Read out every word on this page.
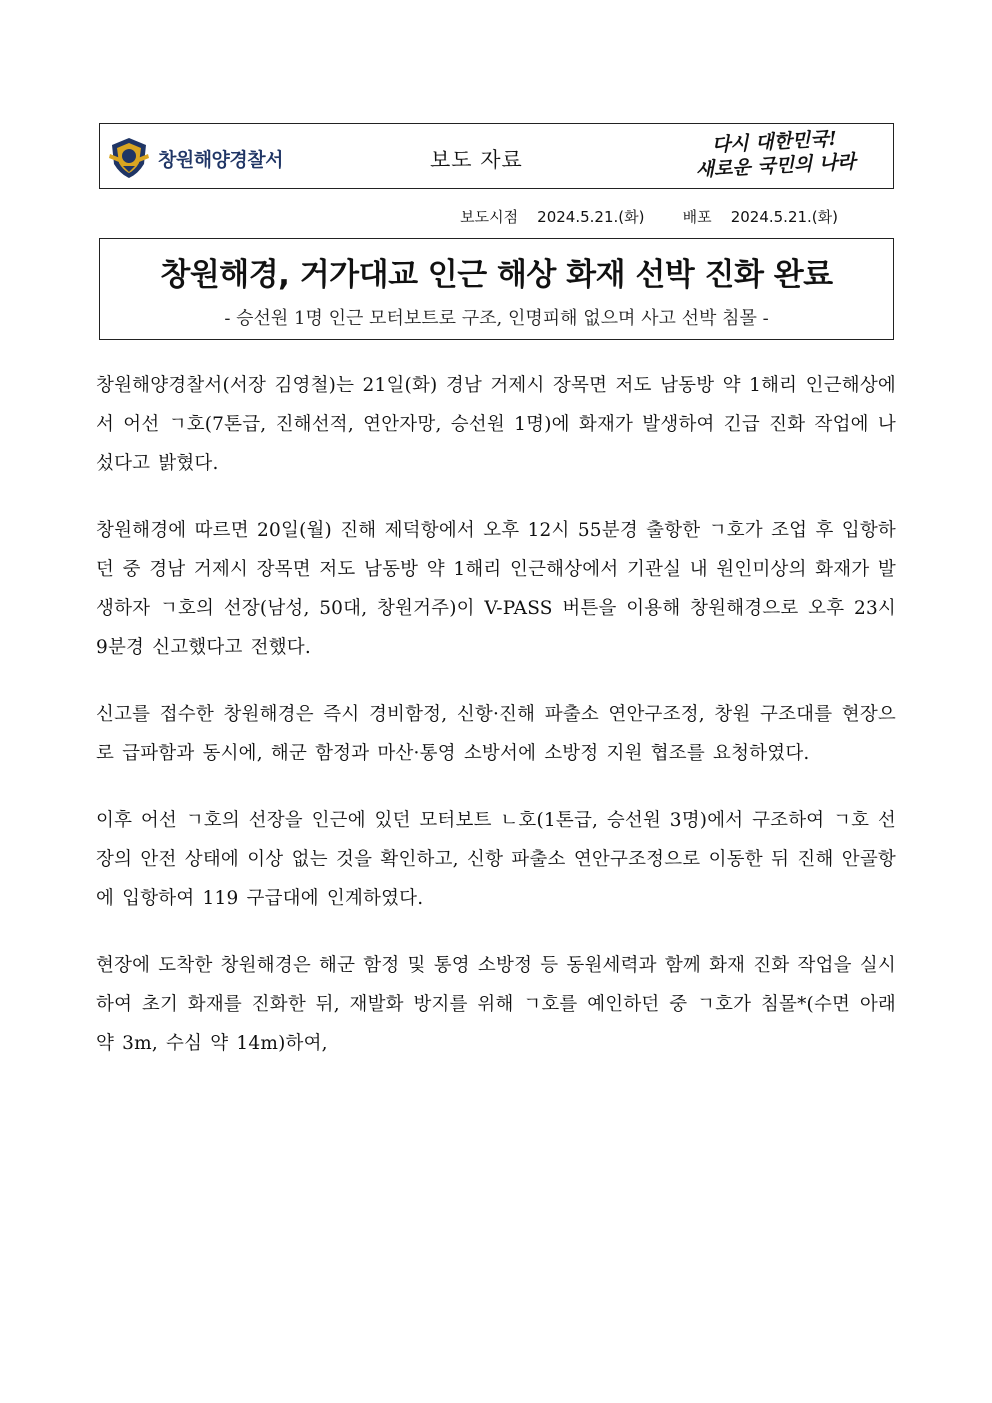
창원해양경찰서	보도 자료
다시 대한민국!
새로운 국민의 나라
보도시점 2024.5.21.(화)	배포 2024.5.21.(화)
창원해경, 거가대교 인근 해상 화재 선박 진화 완료
- 승선원 1명 인근 모터보트로 구조, 인명피해 없으며 사고 선박 침몰 -

창원해양경찰서(서장 김영철)는 21일(화) 경남 거제시 장목면 저도 남동방 약 1해리 인근해상에서 어선 ㄱ호(7톤급, 진해선적, 연안자망, 승선원 1명)에 화재가 발생하여 긴급 진화 작업에 나섰다고 밝혔다.

창원해경에 따르면 20일(월) 진해 제덕항에서 오후 12시 55분경 출항한 ㄱ호가 조업 후 입항하던 중 경남 거제시 장목면 저도 남동방 약 1해리 인근해상에서 기관실 내 원인미상의 화재가 발생하자 ㄱ호의 선장(남성, 50대, 창원거주)이 V-PASS 버튼을 이용해 창원해경으로 오후 23시 9분경 신고했다고 전했다.

신고를 접수한 창원해경은 즉시 경비함정, 신항·진해 파출소 연안구조정, 창원 구조대를 현장으로 급파함과 동시에, 해군 함정과 마산·통영 소방서에 소방정 지원 협조를 요청하였다.

이후 어선 ㄱ호의 선장을 인근에 있던 모터보트 ㄴ호(1톤급, 승선원 3명)에서 구조하여 ㄱ호 선장의 안전 상태에 이상 없는 것을 확인하고, 신항 파출소 연안구조정으로 이동한 뒤 진해 안골항에 입항하여 119 구급대에 인계하였다.

현장에 도착한 창원해경은 해군 함정 및 통영 소방정 등 동원세력과 함께 화재 진화 작업을 실시하여 초기 화재를 진화한 뒤, 재발화 방지를 위해 ㄱ호를 예인하던 중 ㄱ호가 침몰*(수면 아래 약 3m, 수심 약 14m)하여,
